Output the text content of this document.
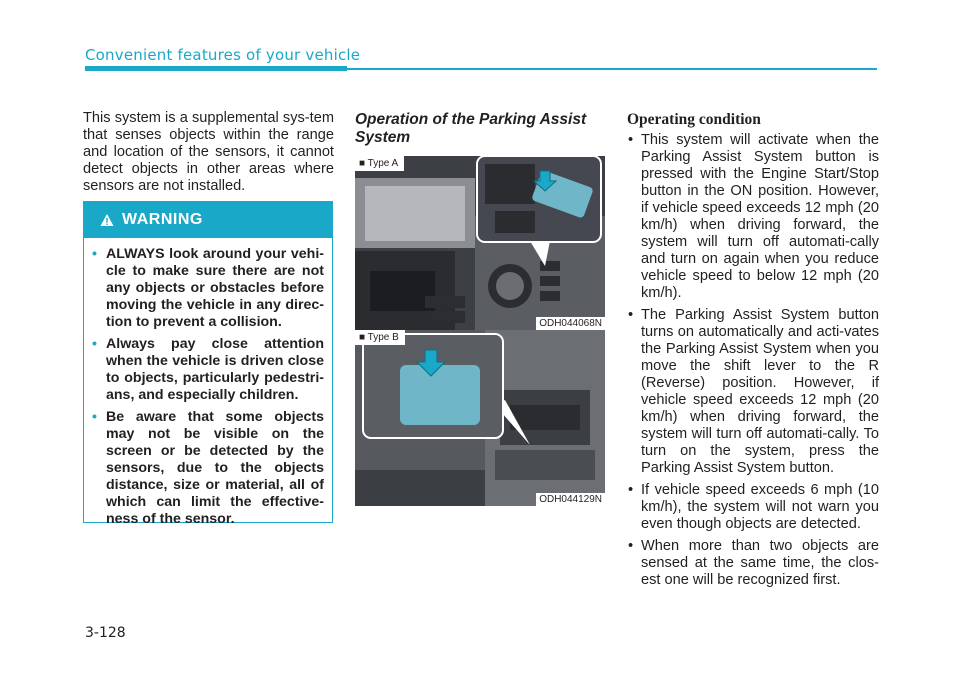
Convenient features of your vehicle

This system is a supplemental sys-tem that senses objects within the range and location of the sensors, it cannot detect objects in other areas where sensors are not installed.

WARNING
• ALWAYS look around your vehi-cle to make sure there are not any objects or obstacles before moving the vehicle in any direc-tion to prevent a collision.
• Always pay close attention when the vehicle is driven close to objects, particularly pedestri-ans, and especially children.
• Be aware that some objects may not be visible on the screen or be detected by the sensors, due to the objects distance, size or material, all of which can limit the effective-ness of the sensor.
Operation of the Parking Assist System
■ Type A
ODH044068N
■ Type B
ODH044129N
Operating condition
• This system will activate when the Parking Assist System button is pressed with the Engine Start/Stop button in the ON position. However, if vehicle speed exceeds 12 mph (20 km/h) when driving forward, the system will turn off automati-cally and turn on again when you reduce vehicle speed to below 12 mph (20 km/h).
• The Parking Assist System button turns on automatically and acti-vates the Parking Assist System when you move the shift lever to the R (Reverse) position. However, if vehicle speed exceeds 12 mph (20 km/h) when driving forward, the system will turn off automati-cally. To turn on the system, press the Parking Assist System button.
• If vehicle speed exceeds 6 mph (10 km/h), the system will not warn you even though objects are detected.
• When more than two objects are sensed at the same time, the clos-est one will be recognized first.
3-128
